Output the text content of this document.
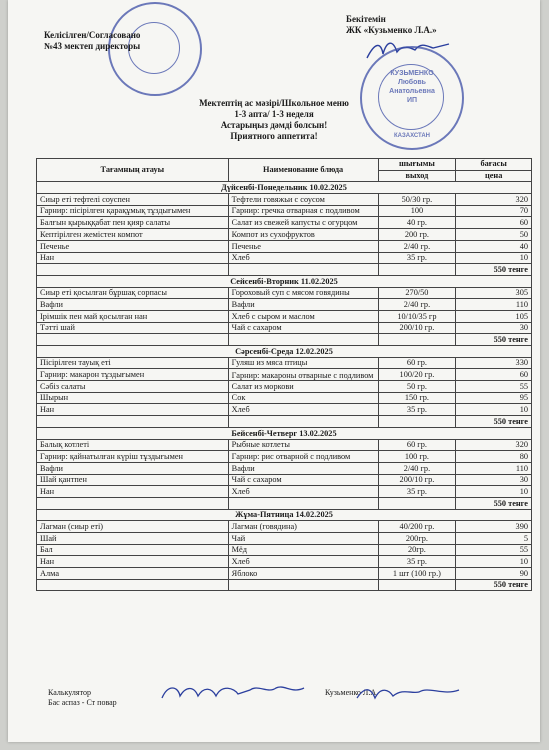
Келісілген/Согласовано
№43 мектеп директоры
Бекітемін
ЖК «Кузьменко Л.А.»
КУЗЬМЕНКО
Любовь
Анатольевна
ИП
КАЗАХСТАН
Мектептің ас мәзірі/Школьное меню
1-3 апта/ 1-3 неделя
Астарыңыз дәмді болсын!
Приятного аппетита!
Тағамның атауы	Наименование блюда	шығымы	бағасы
		выход	цена
Дүйсенбі-Понедельник 10.02.2025			
Сиыр еті тефтелі соуспен	Тефтели говяжьи с соусом	50/30 гр.	320
Гарнир: пісірілген қарақұмық тұздығымен	Гарнир: гречка отварная с подливом	100	70
Балғын қырыққабат пен қияр салаты	Салат из свежей капусты с огурцом	40 гр.	60
Кептірілген жемістен компот	Компот из сухофруктов	200 гр.	50
Печенье	Печенье	2/40 гр.	40
Нан	Хлеб	35 гр.	10
			550 тенге
Сейсенбі-Вторник 11.02.2025			
Сиыр еті қосылған бұршақ сорпасы	Гороховый суп с мясом говядины	270/50	305
Вафли	Вафли	2/40 гр.	110
Ірімшік пен май қосылған нан	Хлеб с сыром и маслом	10/10/35 гр	105
Тәтті шай	Чай с сахаром	200/10 гр.	30
			550 тенге
Сәрсенбі-Среда 12.02.2025			
Пісірілген тауық еті	Гуляш из мяса птицы	60 гр.	330
Гарнир: макарон тұздығымен	Гарнир: макароны отварные с подливом	100/20 гр.	60
Сәбіз салаты	Салат из моркови	50 гр.	55
Шырын	Сок	150 гр.	95
Нан	Хлеб	35 гр.	10
			550 тенге
Бейсенбі-Четверг 13.02.2025			
Балық котлеті	Рыбные котлеты	60 гр.	320
Гарнир: қайнатылған күріш тұздығымен	Гарнир: рис отварной с подливом	100 гр.	80
Вафли	Вафли	2/40 гр.	110
Шай қантпен	Чай с сахаром	200/10 гр.	30
Нан	Хлеб	35 гр.	10
			550 тенге
Жұма-Пятница 14.02.2025			
Лагман (сиыр еті)	Лагман (говядина)	40/200 гр.	390
Шай	Чай	200гр.	5
Бал	Мёд	20гр.	55
Нан	Хлеб	35 гр.	10
Алма	Яблоко	1 шт (100 гр.)	90
			550 тенге
Калькулятор
Бас аспаз - Ст повар
Кузьменко Л.А.
